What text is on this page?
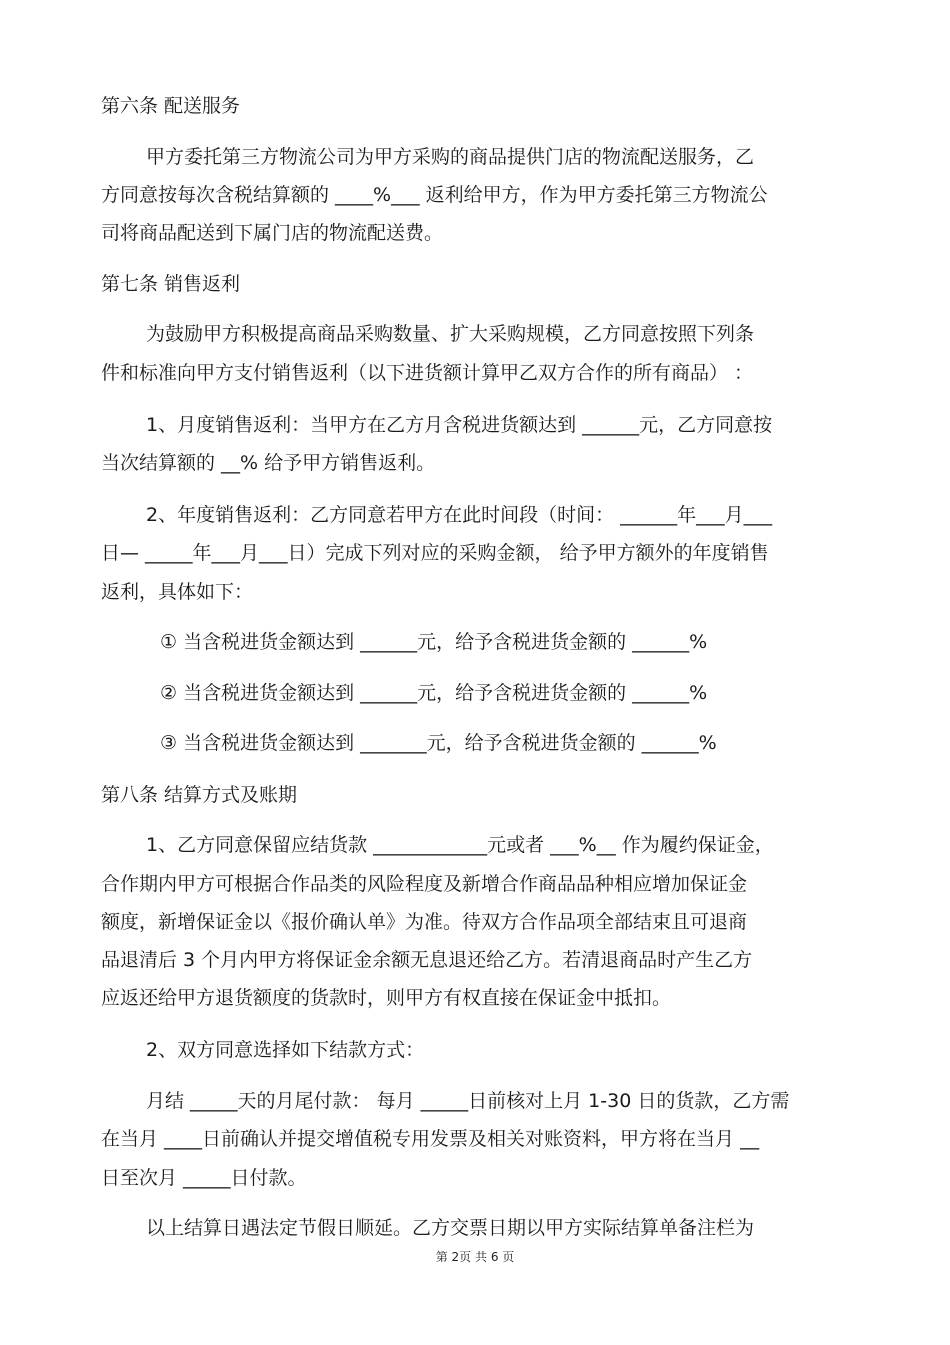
第六条 配送服务
甲方委托第三方物流公司为甲方采购的商品提供门店的物流配送服务，乙
方同意按每次含税结算额的 ____%___ 返利给甲方，作为甲方委托第三方物流公
司将商品配送到下属门店的物流配送费。
第七条 销售返利
为鼓励甲方积极提高商品采购数量、扩大采购规模，乙方同意按照下列条
件和标准向甲方支付销售返利（以下进货额计算甲乙双方合作的所有商品） ：
1、月度销售返利：当甲方在乙方月含税进货额达到 ______元，乙方同意按
当次结算额的 __% 给予甲方销售返利。
2、年度销售返利：乙方同意若甲方在此时间段（时间： ______年___月___
日— _____年___月___日）完成下列对应的采购金额， 给予甲方额外的年度销售
返利，具体如下：
① 当含税进货金额达到 ______元，给予含税进货金额的 ______%
② 当含税进货金额达到 ______元，给予含税进货金额的 ______%
③ 当含税进货金额达到 _______元，给予含税进货金额的 ______%
第八条 结算方式及账期
1、乙方同意保留应结货款 ____________元或者 ___%__ 作为履约保证金，
合作期内甲方可根据合作品类的风险程度及新增合作商品品种相应增加保证金
额度，新增保证金以《报价确认单》为准。待双方合作品项全部结束且可退商
品退清后 3 个月内甲方将保证金余额无息退还给乙方。若清退商品时产生乙方
应返还给甲方退货额度的货款时，则甲方有权直接在保证金中抵扣。
2、双方同意选择如下结款方式：
月结 _____天的月尾付款： 每月 _____日前核对上月 1-30 日的货款，乙方需
在当月 ____日前确认并提交增值税专用发票及相关对账资料，甲方将在当月 __
日至次月 _____日付款。
以上结算日遇法定节假日顺延。乙方交票日期以甲方实际结算单备注栏为
第 2页 共 6 页
